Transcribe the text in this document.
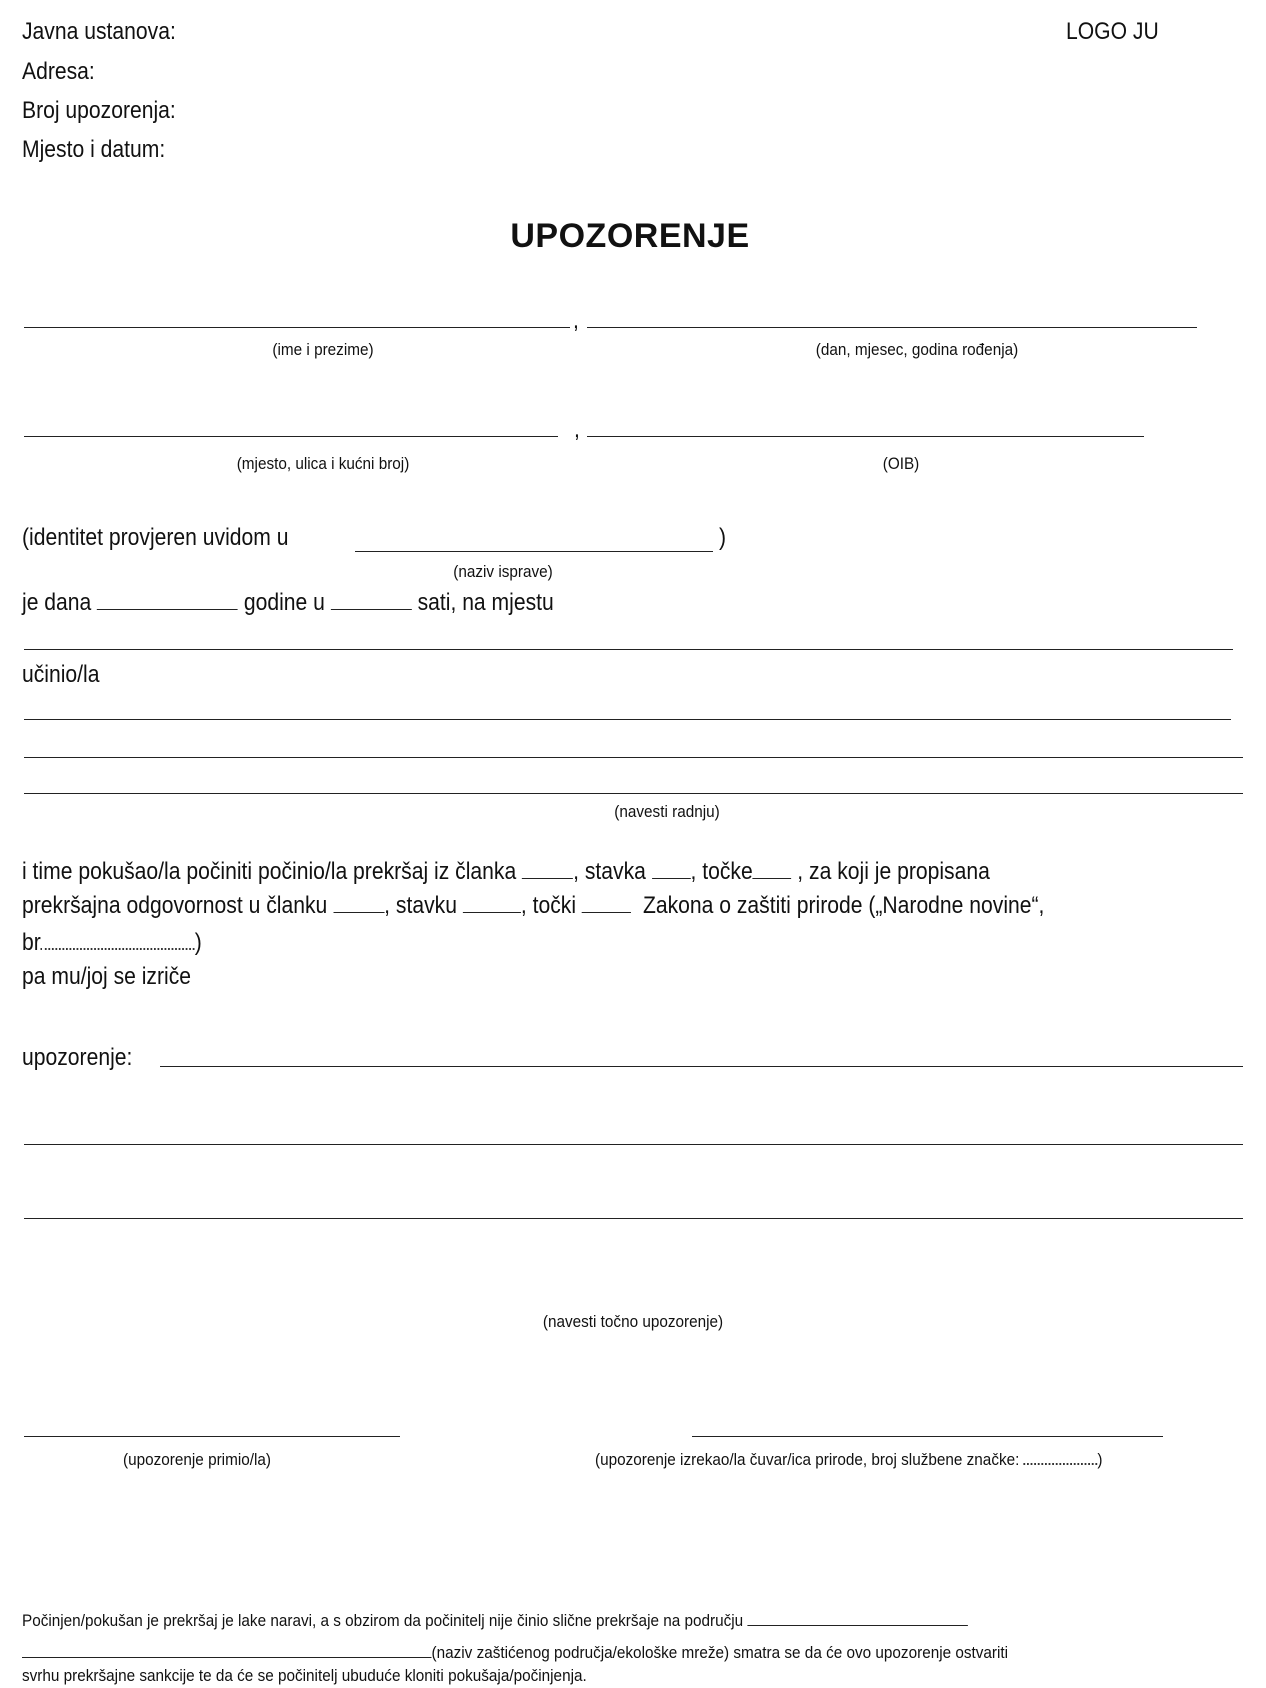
Javna ustanova:
Adresa:
Broj upozorenja:
Mjesto i datum:
LOGO JU
UPOZORENJE
,
(ime i prezime)	(dan, mjesec, godina rođenja)
,
(mjesto, ulica i kućni broj)	(OIB)
(identitet provjeren uvidom u	)
(naziv isprave)
je dana	godine u	sati, na mjestu
učinio/la
(navesti radnju)
i time pokušao/la počiniti počinio/la prekršaj iz članka , stavka , točke , za koji je propisana
prekršajna odgovornost u članku , stavku	, točki	Zakona o zaštiti prirode („Narodne novine“,
br	)
pa mu/joj se izriče
upozorenje:
(navesti točno upozorenje)
(upozorenje primio/la)	(upozorenje izrekao/la čuvar/ica prirode, broj službene značke:	)
Počinjen/pokušan je prekršaj je lake naravi, a s obzirom da počinitelj nije činio slične prekršaje na području
(naziv zaštićenog područja/ekološke mreže) smatra se da će ovo upozorenje ostvariti
svrhu prekršajne sankcije te da će se počinitelj ubuduće kloniti pokušaja/počinjenja.
